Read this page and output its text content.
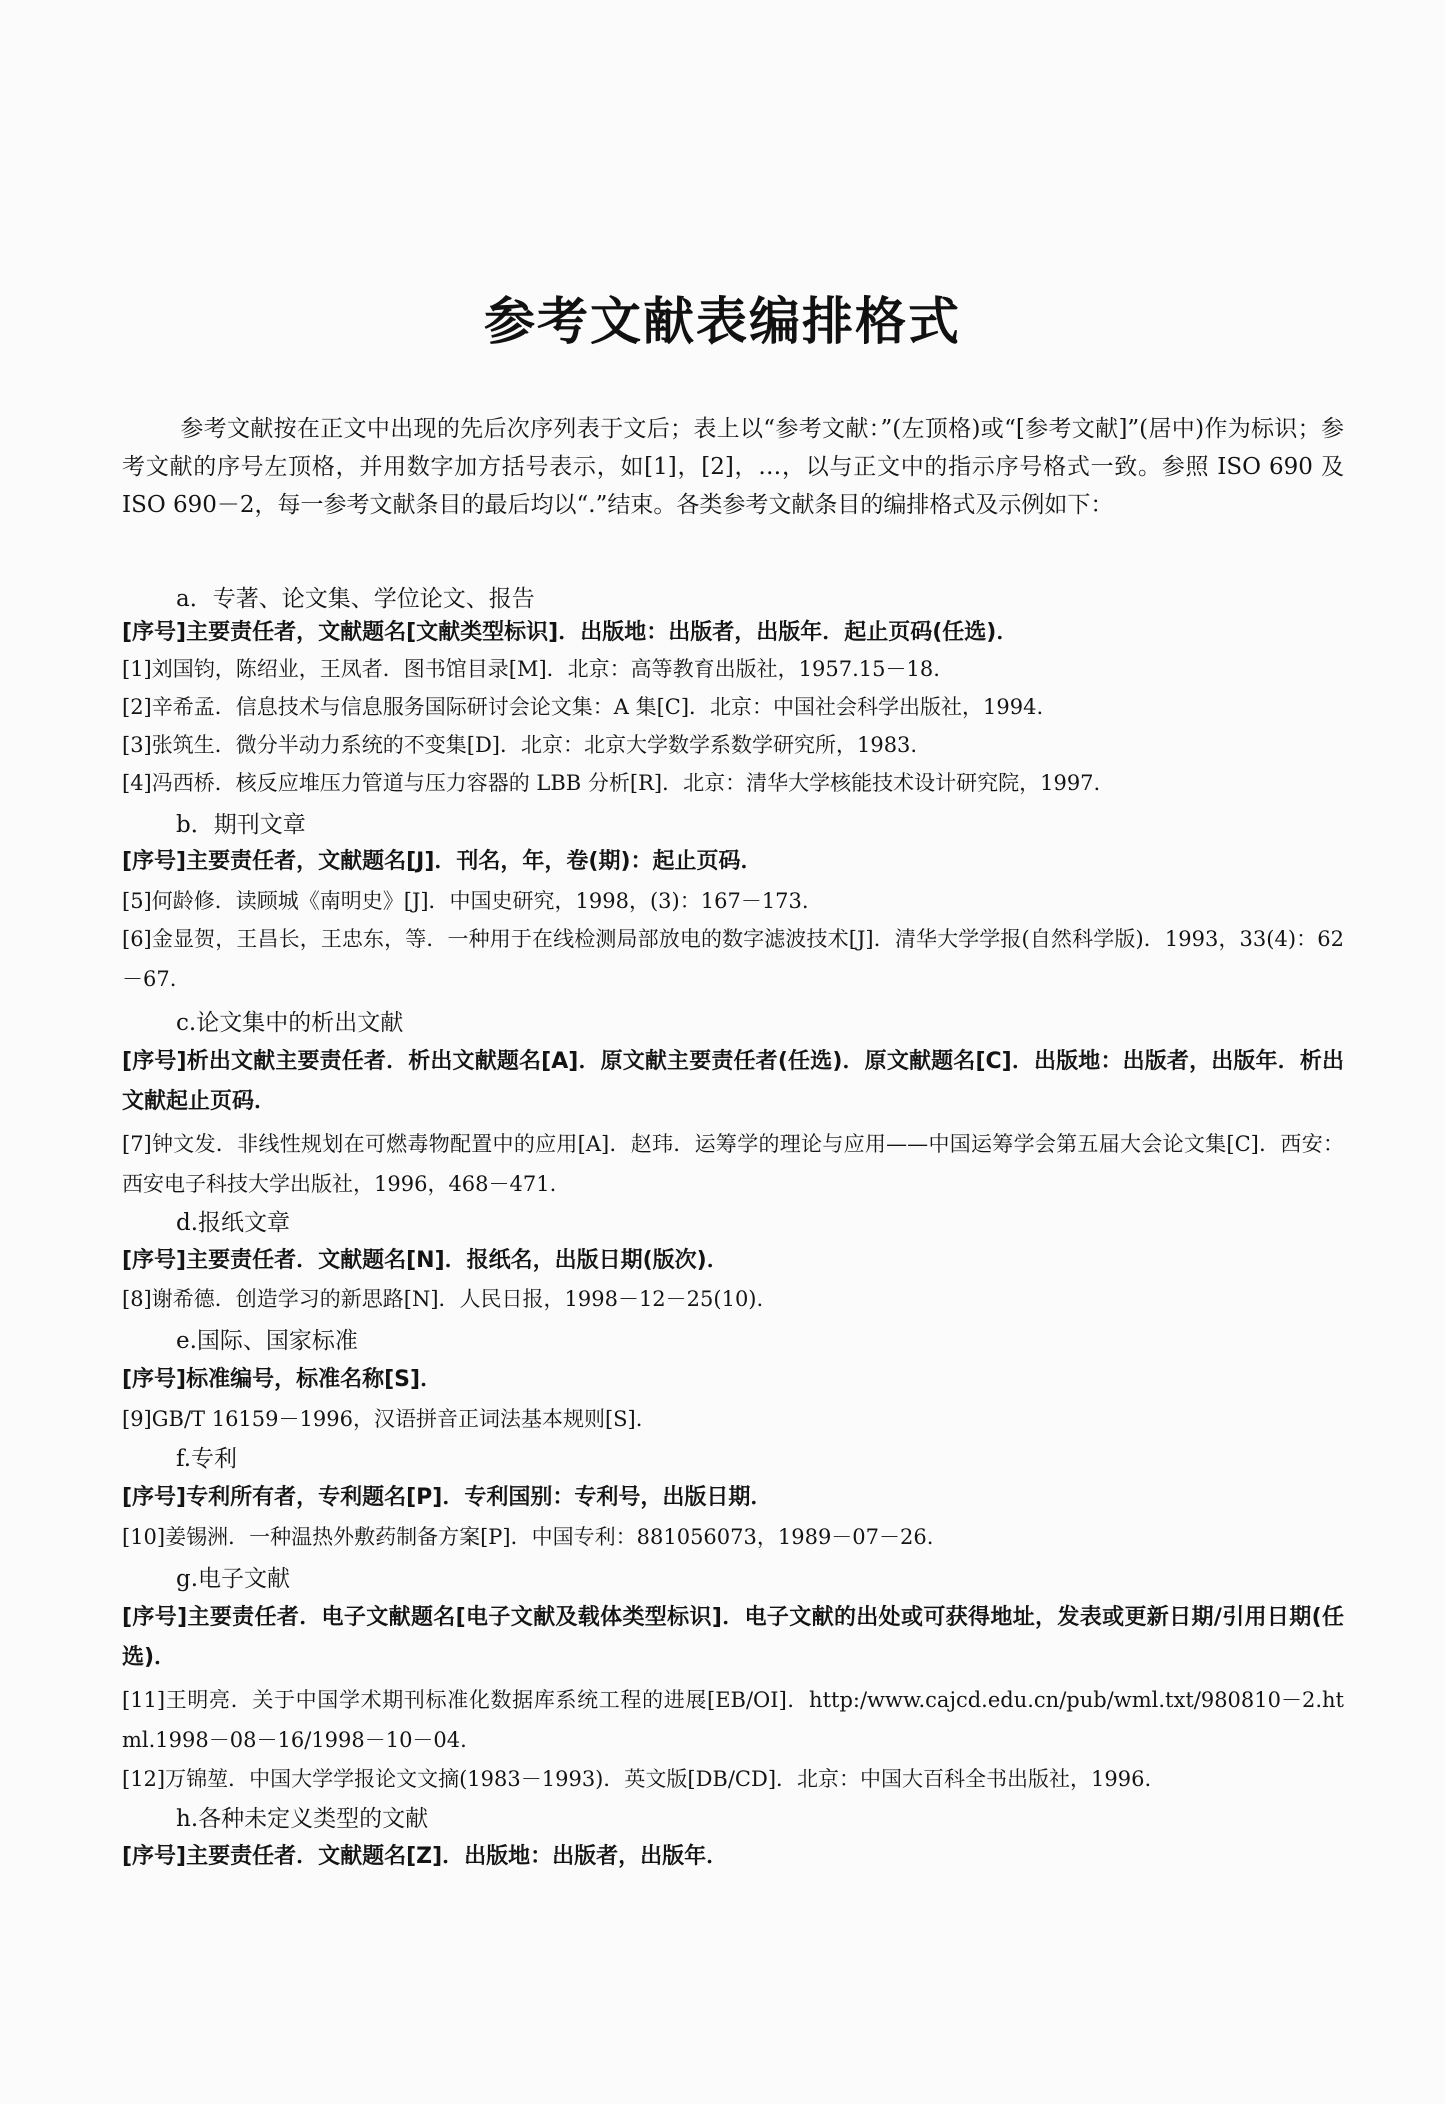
参考文献表编排格式

参考文献按在正文中出现的先后次序列表于文后；表上以“参考文献：”(左顶格)或“[参考文献]”(居中)作为标识；参考文献的序号左顶格，并用数字加方括号表示，如[1]，[2]，…，以与正文中的指示序号格式一致。参照 ISO 690 及 ISO 690－2，每一参考文献条目的最后均以“.”结束。各类参考文献条目的编排格式及示例如下：

a．专著、论文集、学位论文、报告
[序号]主要责任者，文献题名[文献类型标识]．出版地：出版者，出版年．起止页码(任选)．
[1]刘国钧，陈绍业，王凤者．图书馆目录[M]．北京：高等教育出版社，1957.15－18.
[2]辛希孟．信息技术与信息服务国际研讨会论文集：A 集[C]．北京：中国社会科学出版社，1994.
[3]张筑生．微分半动力系统的不变集[D]．北京：北京大学数学系数学研究所，1983.
[4]冯西桥．核反应堆压力管道与压力容器的 LBB 分析[R]．北京：清华大学核能技术设计研究院，1997.
b．期刊文章
[序号]主要责任者，文献题名[J]．刊名，年，卷(期)：起止页码．
[5]何龄修．读顾城《南明史》[J]．中国史研究，1998，(3)：167－173.
[6]金显贺，王昌长，王忠东，等．一种用于在线检测局部放电的数字滤波技术[J]．清华大学学报(自然科学版)．1993，33(4)：62－67.
c.论文集中的析出文献
[序号]析出文献主要责任者．析出文献题名[A]．原文献主要责任者(任选)．原文献题名[C]．出版地：出版者，出版年．析出文献起止页码．
[7]钟文发．非线性规划在可燃毒物配置中的应用[A]．赵玮．运筹学的理论与应用——中国运筹学会第五届大会论文集[C]．西安：西安电子科技大学出版社，1996，468－471.
d.报纸文章
[序号]主要责任者．文献题名[N]．报纸名，出版日期(版次)．
[8]谢希德．创造学习的新思路[N]．人民日报，1998－12－25(10).
e.国际、国家标准
[序号]标准编号，标准名称[S]．
[9]GB/T 16159－1996，汉语拼音正词法基本规则[S].
f.专利
[序号]专利所有者，专利题名[P]．专利国别：专利号，出版日期．
[10]姜锡洲．一种温热外敷药制备方案[P]．中国专利：881056073，1989－07－26.
g.电子文献
[序号]主要责任者．电子文献题名[电子文献及载体类型标识]．电子文献的出处或可获得地址，发表或更新日期/引用日期(任选)．
[11]王明亮．关于中国学术期刊标准化数据库系统工程的进展[EB/OI]．http:/www.cajcd.edu.cn/pub/wml.txt/980810－2.html.1998－08－16/1998－10－04.
[12]万锦堃．中国大学学报论文文摘(1983－1993)．英文版[DB/CD]．北京：中国大百科全书出版社，1996.
h.各种未定义类型的文献
[序号]主要责任者．文献题名[Z]．出版地：出版者，出版年．
